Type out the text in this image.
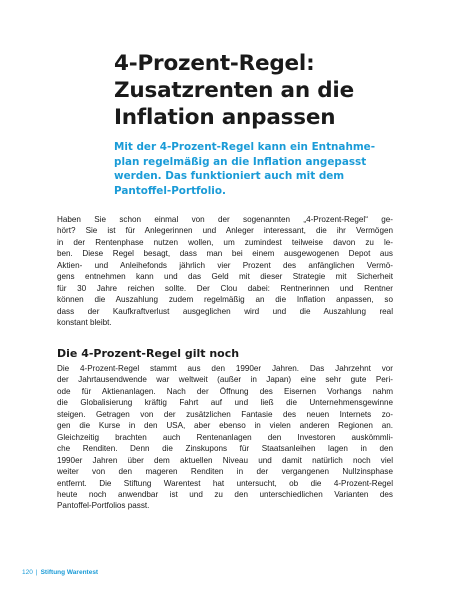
4-Prozent-Regel:
Zusatzrenten an die
Inflation anpassen

Mit der 4-Prozent-Regel kann ein Entnahme-
plan regelmäßig an die Inflation angepasst
werden. Das funktioniert auch mit dem
Pantoffel-Portfolio.

Haben Sie schon einmal von der sogenannten „4-Prozent-Regel“ ge-
hört? Sie ist für Anlegerinnen und Anleger interessant, die ihr Vermögen
in der Rentenphase nutzen wollen, um zumindest teilweise davon zu le-
ben. Diese Regel besagt, dass man bei einem ausgewogenen Depot aus
Aktien- und Anleihefonds jährlich vier Prozent des anfänglichen Vermö-
gens entnehmen kann und das Geld mit dieser Strategie mit Sicherheit
für 30 Jahre reichen sollte. Der Clou dabei: Rentnerinnen und Rentner
können die Auszahlung zudem regelmäßig an die Inflation anpassen, so
dass der Kaufkraftverlust ausgeglichen wird und die Auszahlung real
konstant bleibt.

Die 4-Prozent-Regel gilt noch

Die 4-Prozent-Regel stammt aus den 1990er Jahren. Das Jahrzehnt vor
der Jahrtausendwende war weltweit (außer in Japan) eine sehr gute Peri-
ode für Aktienanlagen. Nach der Öffnung des Eisernen Vorhangs nahm
die Globalisierung kräftig Fahrt auf und ließ die Unternehmensgewinne
steigen. Getragen von der zusätzlichen Fantasie des neuen Internets zo-
gen die Kurse in den USA, aber ebenso in vielen anderen Regionen an.
Gleichzeitig brachten auch Rentenanlagen den Investoren auskömmli-
che Renditen. Denn die Zinskupons für Staatsanleihen lagen in den
1990er Jahren über dem aktuellen Niveau und damit natürlich noch viel
weiter von den mageren Renditen in der vergangenen Nullzinsphase
entfernt. Die Stiftung Warentest hat untersucht, ob die 4-Prozent-Regel
heute noch anwendbar ist und zu den unterschiedlichen Varianten des
Pantoffel-Portfolios passt.

120 | Stiftung Warentest
